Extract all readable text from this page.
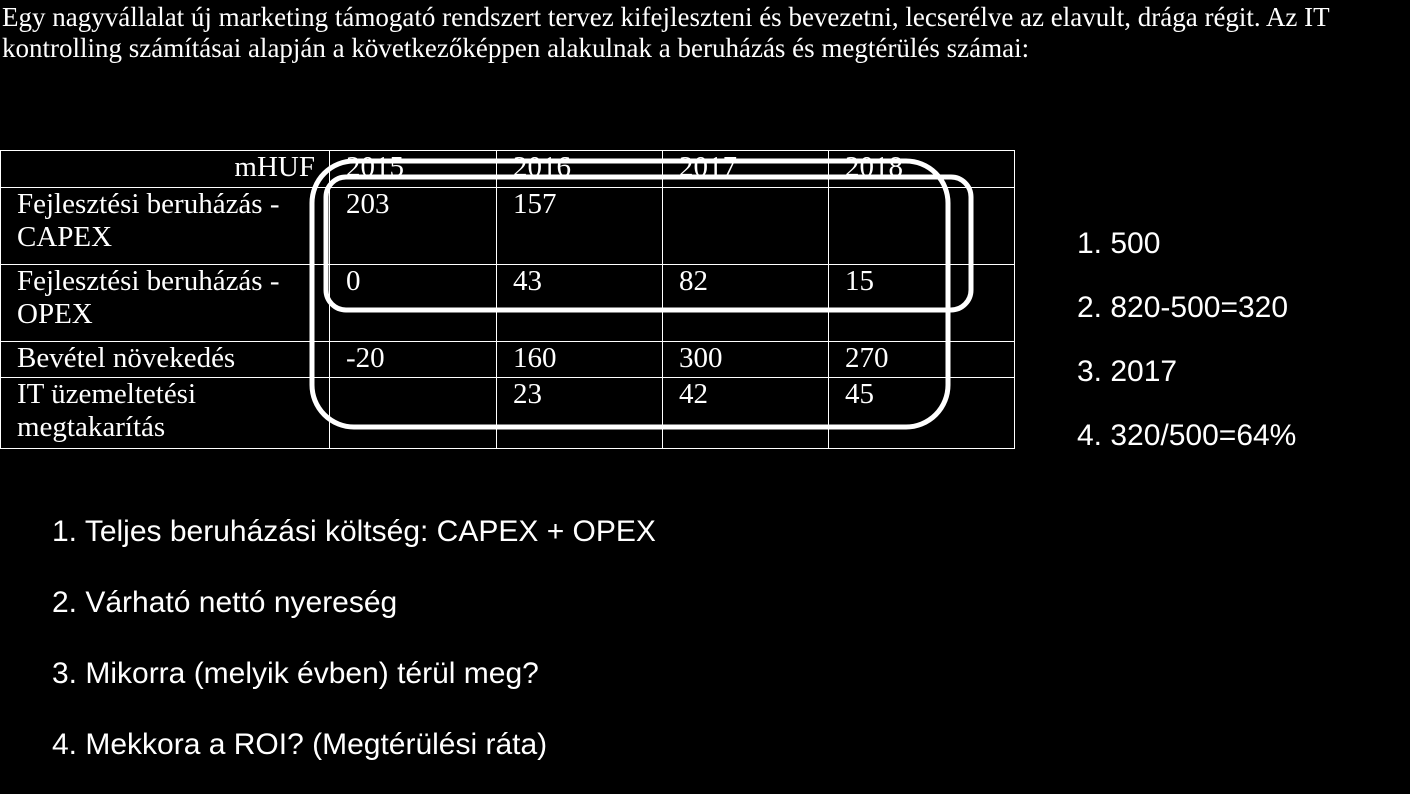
Egy nagyvállalat új marketing támogató rendszert tervez kifejleszteni és bevezetni, lecserélve az elavult, drága régit. Az IT kontrolling számításai alapján a következőképpen alakulnak a beruházás és megtérülés számai:

mHUF	2015	2016	2017	2018

Fejlesztési beruházás -
CAPEX	203	157		

Fejlesztési beruházás -
OPEX	0	43	82	15

Bevétel növekedés	-20	160	300	270

IT üzemeltetési
megtakarítás		23	42	45
1. 500
2. 820-500=320
3. 2017
4. 320/500=64%
1. Teljes beruházási költség: CAPEX + OPEX
2. Várható nettó nyereség
3. Mikorra (melyik évben) térül meg?
4. Mekkora a ROI? (Megtérülési ráta)
